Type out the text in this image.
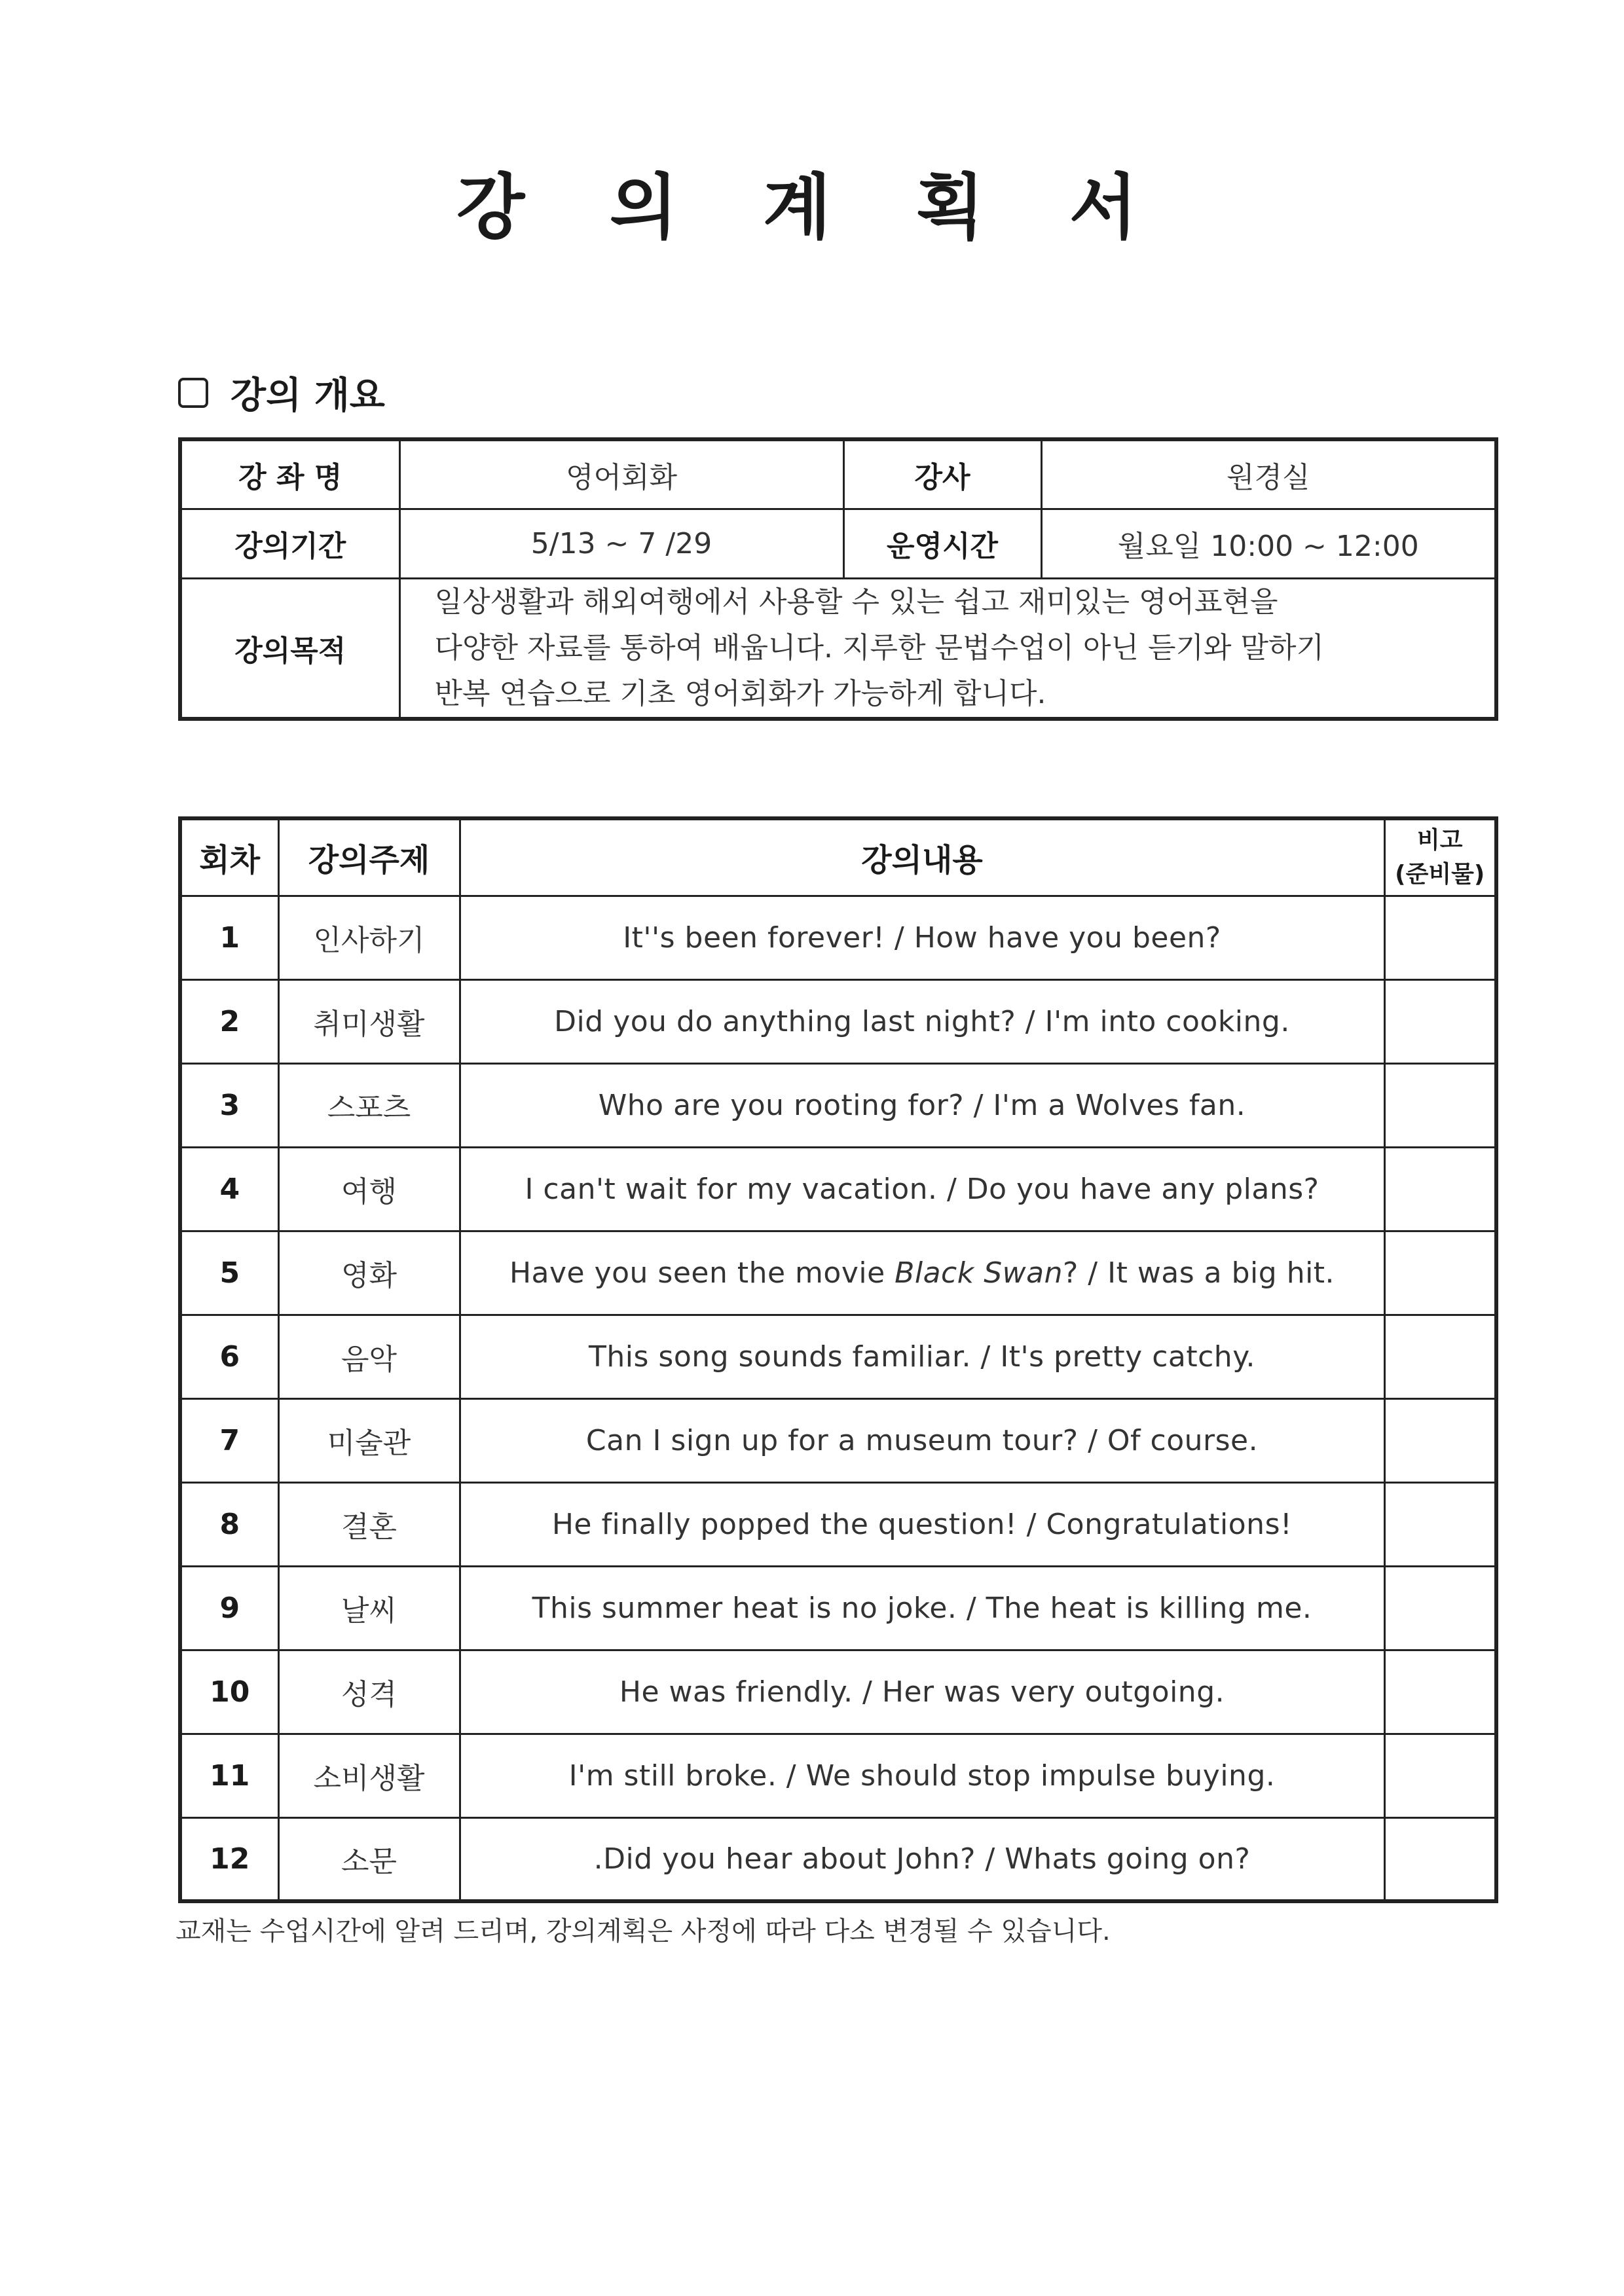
강 의 계 획 서
강의 개요
강 좌 명	영어회화	강사	원경실
강의기간	5/13 ~ 7 /29	운영시간	월요일 10:00 ~ 12:00
강의목적	일상생활과 해외여행에서 사용할 수 있는 쉽고 재미있는 영어표현을
다양한 자료를 통하여 배웁니다. 지루한 문법수업이 아닌 듣기와 말하기
반복 연습으로 기초 영어회화가 가능하게 합니다.		
회차	강의주제	강의내용	비고
(준비물)

1	인사하기	It''s been forever! / How have you been?	
2	취미생활	Did you do anything last night? / I'm into cooking.	
3	스포츠	Who are you rooting for? / I'm a Wolves fan.	
4	여행	I can't wait for my vacation. / Do you have any plans?	
5	영화	Have you seen the movie Black Swan? / It was a big hit.	
6	음악	This song sounds familiar. / It's pretty catchy.	
7	미술관	Can I sign up for a museum tour? / Of course.	
8	결혼	He finally popped the question! / Congratulations!	
9	날씨	This summer heat is no joke. / The heat is killing me.	
10	성격	He was friendly. / Her was very outgoing.	
11	소비생활	I'm still broke. / We should stop impulse buying.	
12	소문	.Did you hear about John? / Whats going on?	
교재는 수업시간에 알려 드리며, 강의계획은 사정에 따라 다소 변경될 수 있습니다.
